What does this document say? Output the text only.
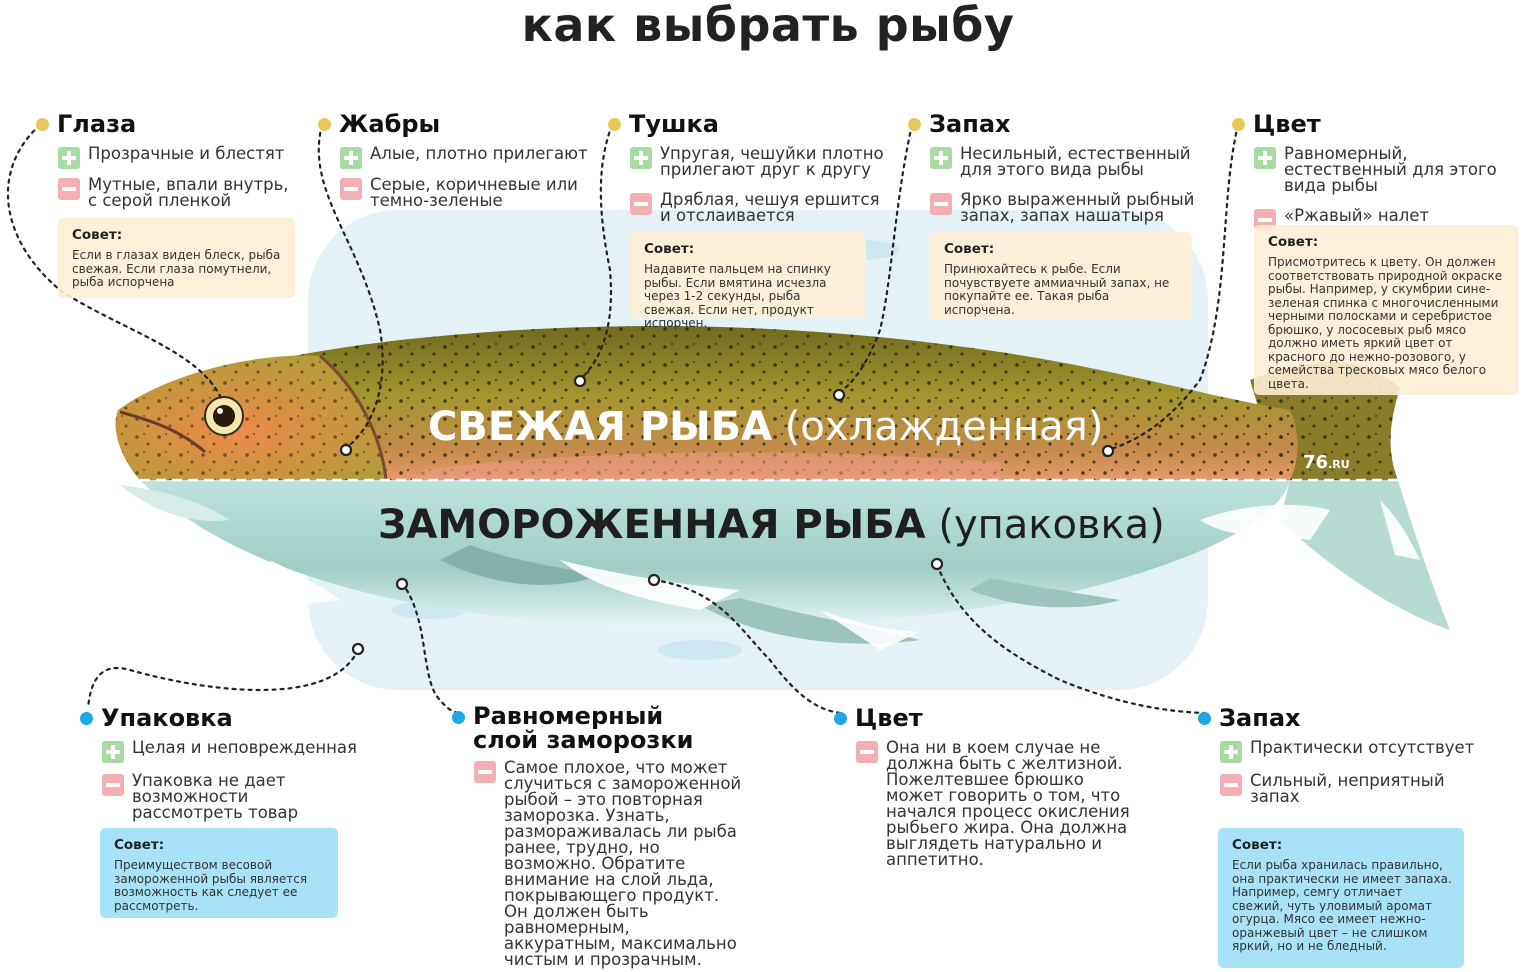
как выбрать рыбу
СВЕЖАЯ РЫБА (охлажденная)
ЗАМОРОЖЕННАЯ РЫБА (упаковка)
76.RU
Глаза
Прозрачные и блестят
Мутные, впали внутрь, с серой пленкой
Совет:
Если в глазах виден блеск, рыба свежая. Если глаза помутнели, рыба испорчена
Жабры
Алые, плотно прилегают
Серые, коричневые или темно-зеленые
Тушка
Упругая, чешуйки плотно прилегают друг к другу
Дряблая, чешуя ершится и отслаивается
Совет:
Надавите пальцем на спинку рыбы. Если вмятина исчезла через 1-2 секунды, рыба свежая. Если нет, продукт испорчен.
Запах
Несильный, естественный для этого вида рыбы
Ярко выраженный рыбный запах, запах нашатыря
Совет:
Принюхайтесь к рыбе. Если почувствуете аммиачный запах, не покупайте ее. Такая рыба испорчена.
Цвет
Равномерный, естественный для этого вида рыбы
«Ржавый» налет
Совет:
Присмотритесь к цвету. Он должен соответствовать природной окраске рыбы. Например, у скумбрии сине-зеленая спинка с многочисленными черными полосками и серебристое брюшко, у лососевых рыб мясо должно иметь яркий цвет от красного до нежно-розового, у семейства тресковых мясо белого цвета.
Упаковка
Целая и неповрежденная
Упаковка не дает возможности рассмотреть товар
Совет:
Преимуществом весовой замороженной рыбы является возможность как следует ее рассмотреть.
Равномерный слой заморозки
Самое плохое, что может случиться с замороженной рыбой – это повторная заморозка. Узнать, размораживалась ли рыба ранее, трудно, но возможно. Обратите внимание на слой льда, покрывающего продукт. Он должен быть равномерным, аккуратным, максимально чистым и прозрачным.
Цвет
Она ни в коем случае не должна быть с желтизной. Пожелтевшее брюшко может говорить о том, что начался процесс окисления рыбьего жира. Она должна выглядеть натурально и аппетитно.
Запах
Практически отсутствует
Сильный, неприятный запах
Совет:
Если рыба хранилась правильно, она практически не имеет запаха. Например, семгу отличает свежий, чуть уловимый аромат огурца. Мясо ее имеет нежно-оранжевый цвет – не слишком яркий, но и не бледный.
